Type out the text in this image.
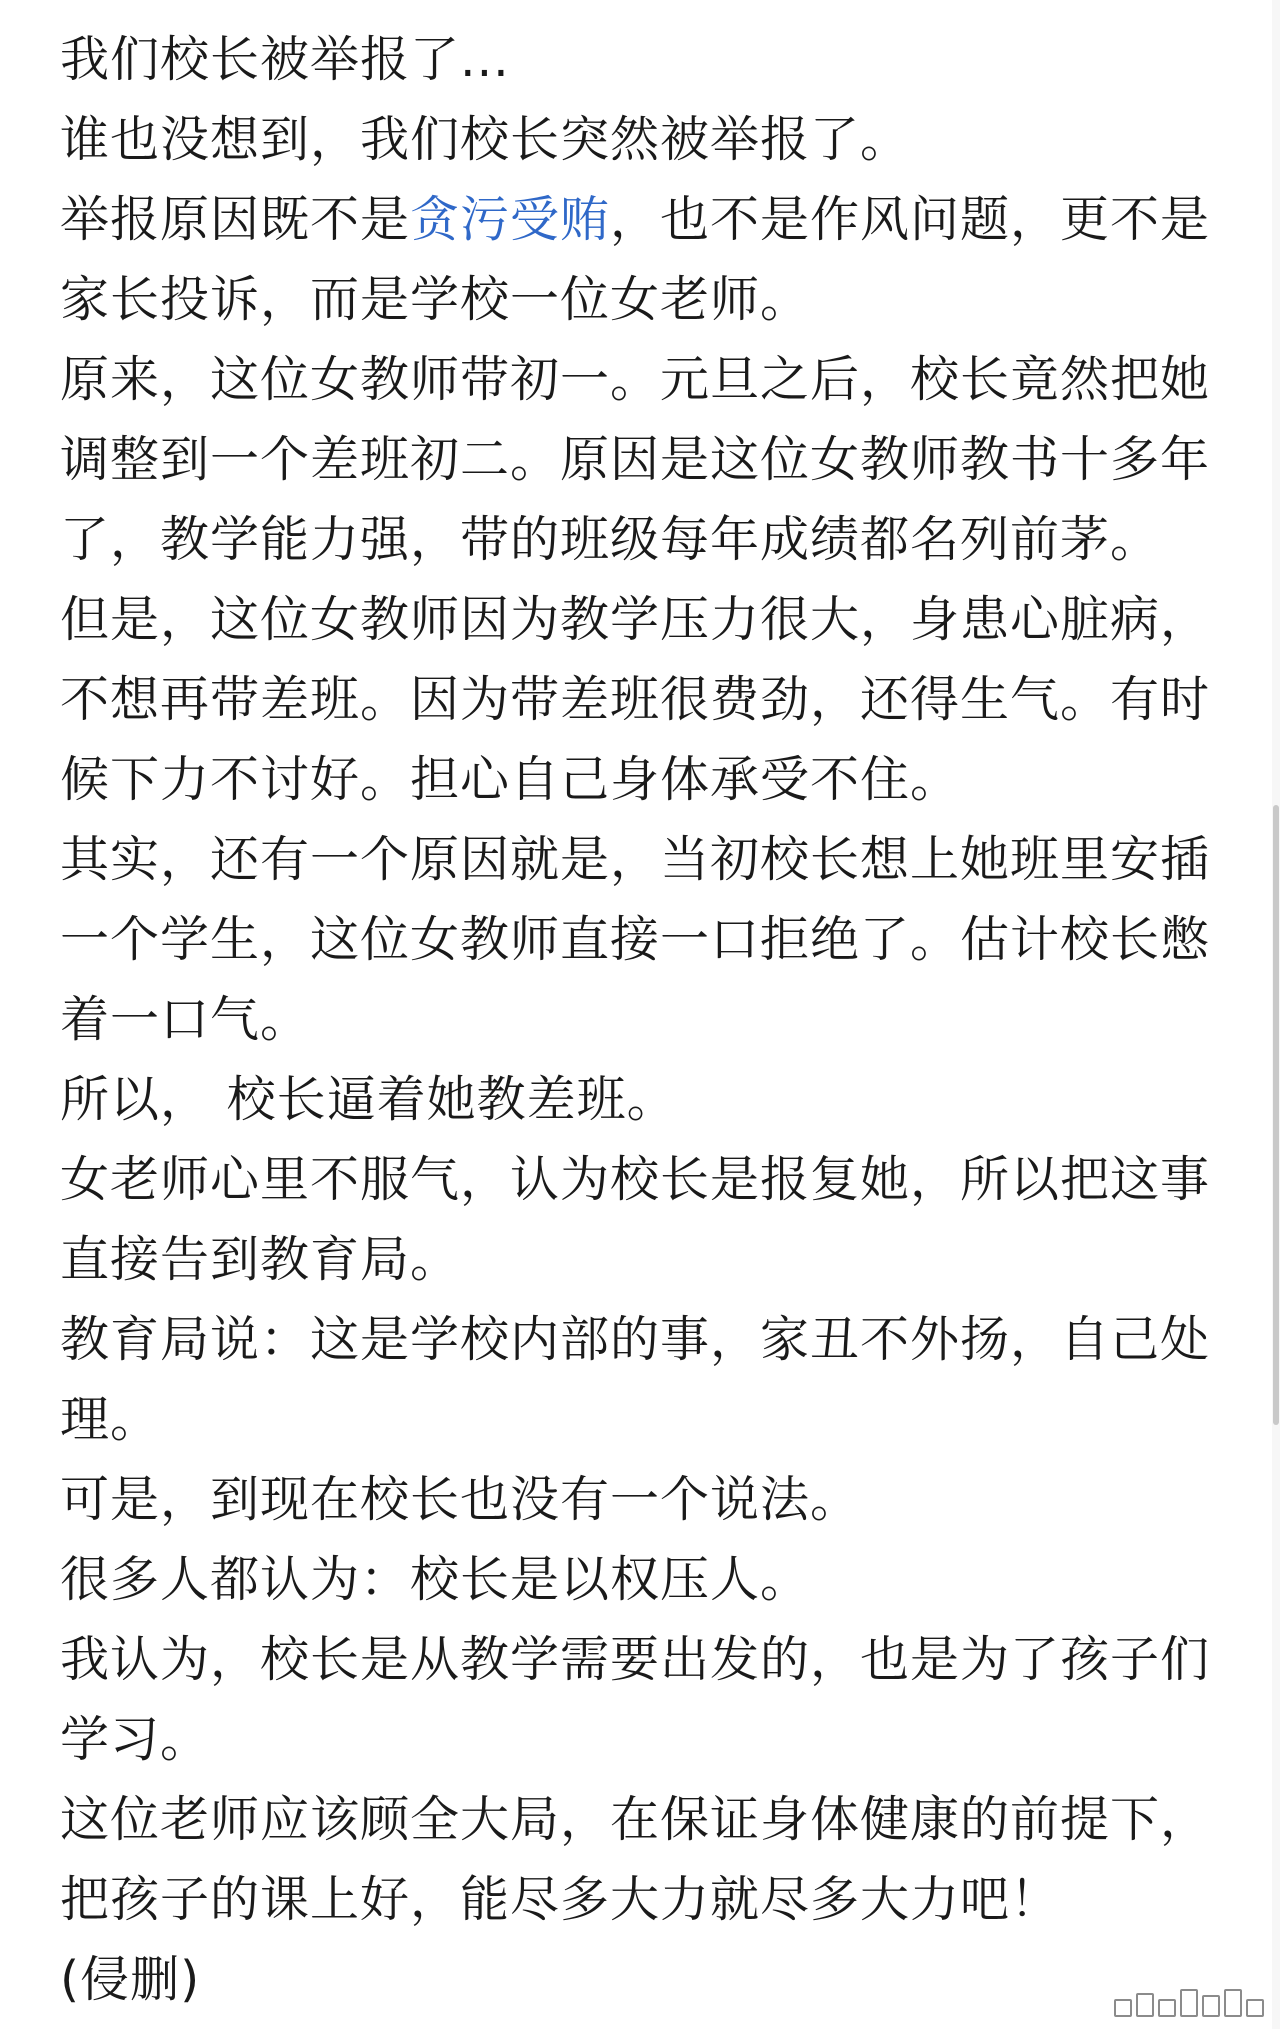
我们校长被举报了...

谁也没想到，我们校长突然被举报了。

举报原因既不是贪污受贿，也不是作风问题，更不是

家长投诉，而是学校一位女老师。

原来，这位女教师带初一。元旦之后，校长竟然把她

调整到一个差班初二。原因是这位女教师教书十多年

了，教学能力强，带的班级每年成绩都名列前茅。

但是，这位女教师因为教学压力很大，身患心脏病，

不想再带差班。因为带差班很费劲，还得生气。有时

候下力不讨好。担心自己身体承受不住。

其实，还有一个原因就是，当初校长想上她班里安插

一个学生，这位女教师直接一口拒绝了。估计校长憋

着一口气。

所以， 校长逼着她教差班。

女老师心里不服气，认为校长是报复她，所以把这事

直接告到教育局。

教育局说：这是学校内部的事，家丑不外扬，自己处

理。

可是，到现在校长也没有一个说法。

很多人都认为：校长是以权压人。

我认为，校长是从教学需要出发的，也是为了孩子们

学习。

这位老师应该顾全大局，在保证身体健康的前提下，

把孩子的课上好，能尽多大力就尽多大力吧！

(侵删)
